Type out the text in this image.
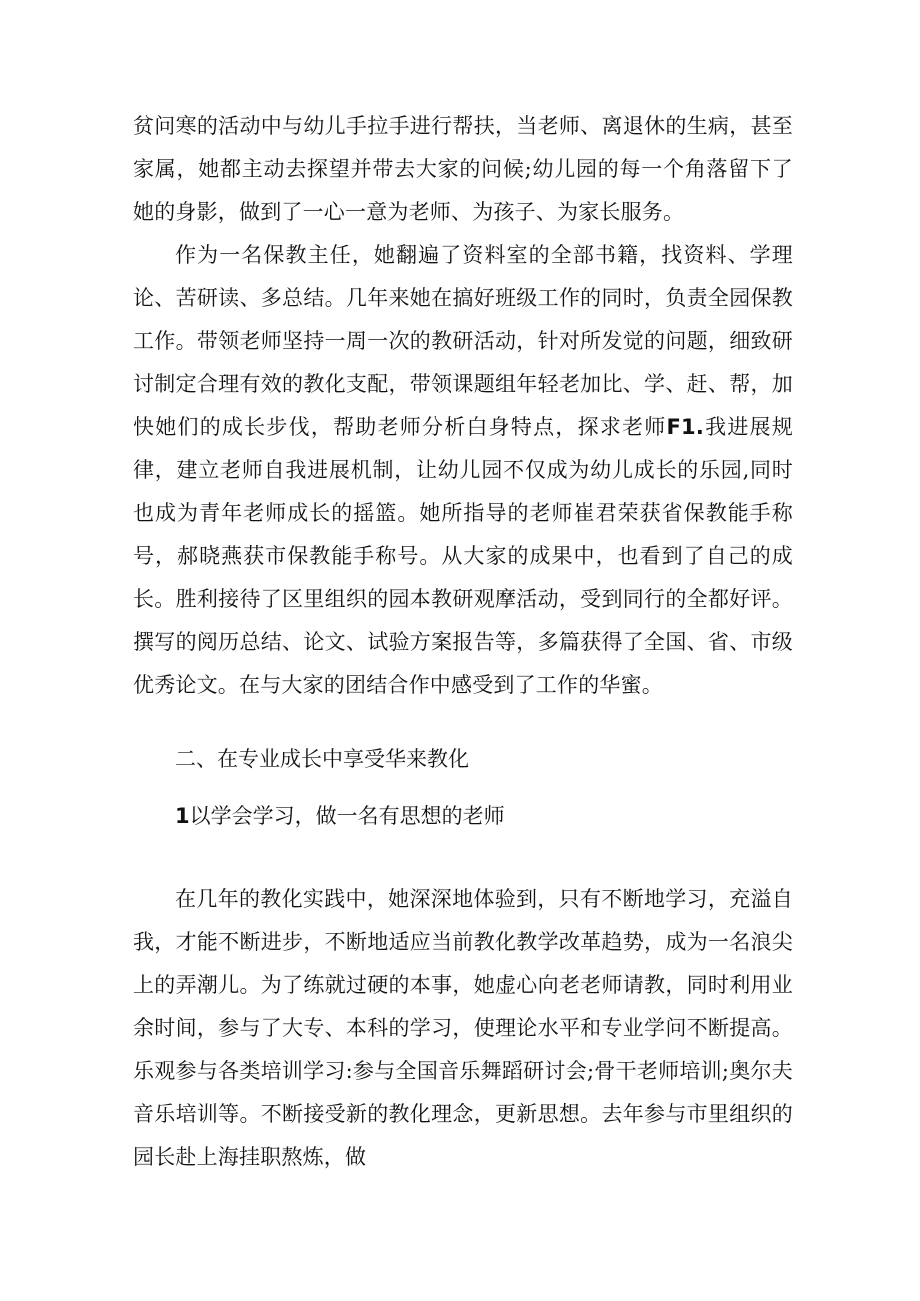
贫问寒的活动中与幼儿手拉手进行帮扶，当老师、离退休的生病，甚至家属，她都主动去探望并带去大家的问候;幼儿园的每一个角落留下了她的身影，做到了一心一意为老师、为孩子、为家长服务。

作为一名保教主任，她翻遍了资料室的全部书籍，找资料、学理论、苦研读、多总结。几年来她在搞好班级工作的同时，负责全园保教工作。带领老师坚持一周一次的教研活动，针对所发觉的问题，细致研讨制定合理有效的教化支配，带领课题组年轻老加比、学、赶、帮，加快她们的成长步伐，帮助老师分析白身特点，探求老师F1.我进展规律，建立老师自我进展机制，让幼儿园不仅成为幼儿成长的乐园,同时也成为青年老师成长的摇篮。她所指导的老师崔君荣获省保教能手称号，郝晓燕获市保教能手称号。从大家的成果中，也看到了自己的成长。胜利接待了区里组织的园本教研观摩活动，受到同行的全都好评。撰写的阅历总结、论文、试验方案报告等，多篇获得了全国、省、市级优秀论文。在与大家的团结合作中感受到了工作的华蜜。

二、在专业成长中享受华来教化
1以学会学习，做一名有思想的老师

在几年的教化实践中，她深深地体验到，只有不断地学习，充溢自我，才能不断进步，不断地适应当前教化教学改革趋势，成为一名浪尖上的弄潮儿。为了练就过硬的本事，她虚心向老老师请教，同时利用业余时间，参与了大专、本科的学习，使理论水平和专业学问不断提高。乐观参与各类培训学习:参与全国音乐舞蹈研讨会;骨干老师培训;奥尔夫音乐培训等。不断接受新的教化理念，更新思想。去年参与市里组织的园长赴上海挂职熬炼，做
